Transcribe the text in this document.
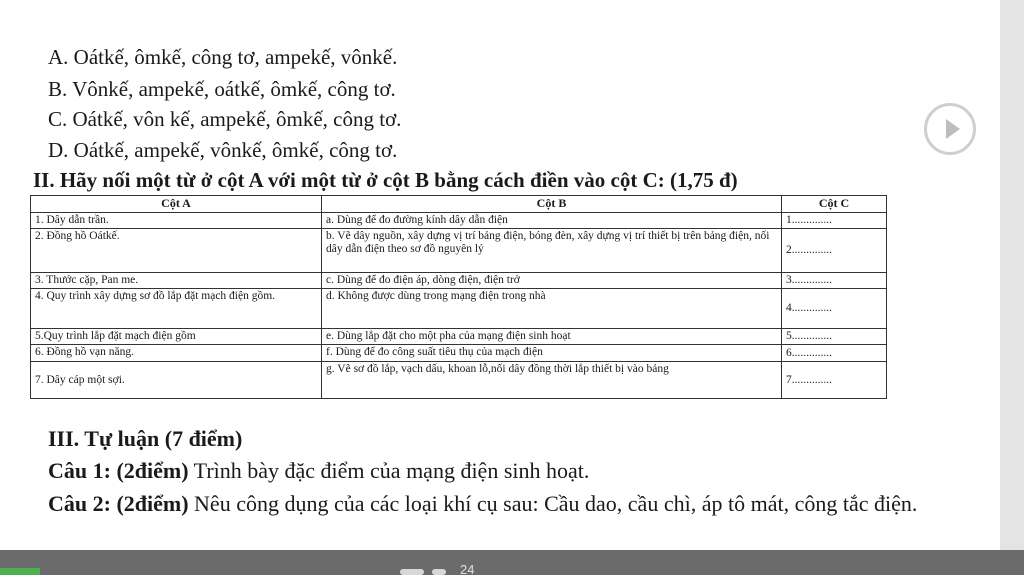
A. Oátkế, ômkế, công tơ, ampekế, vônkế.
B. Vônkế, ampekế, oátkế, ômkế, công tơ.
C. Oátkế, vôn kế, ampekế, ômkế, công tơ.
D. Oátkế, ampekế, vônkế, ômkế, công tơ.
II. Hãy nối một từ ở cột A với một từ ở cột B bằng cách điền vào cột C: (1,75 đ)
Cột A	Cột B	Cột C
1. Dây dẫn trần.	a. Dùng để đo đường kính dây dẫn điện	1..............
2. Đồng hồ Oátkế.	b. Vẽ dây nguồn, xây dựng vị trí bảng điện, bóng đèn, xây dựng vị trí thiết bị trên bảng điện, nối dây dẫn điện theo sơ đồ nguyên lý	2..............
3. Thước cặp, Pan me.	c. Dùng để đo điện áp, dòng điện, điện trở	3..............
4. Quy trình xây dựng sơ đồ lắp đặt mạch điện gồm.	d. Không được dùng trong mạng điện trong nhà	4..............
5.Quy trình lắp đặt mạch điện gồm	e. Dùng lắp đặt cho một pha của mạng điện sinh hoạt	5..............
6. Đồng hồ vạn năng.	f. Dùng để đo công suất tiêu thụ của mạch điện	6..............
7. Dây cáp một sợi.	g. Vẽ sơ đồ lắp, vạch dấu, khoan lỗ,nối dây đồng thời lắp thiết bị vào bảng	7..............
III. Tự luận (7 điểm)
Câu 1: (2điểm) Trình bày đặc điểm của mạng điện sinh hoạt.
Câu 2: (2điểm) Nêu công dụng của các loại khí cụ sau: Cầu dao, cầu chì, áp tô mát, công tắc điện.
24
